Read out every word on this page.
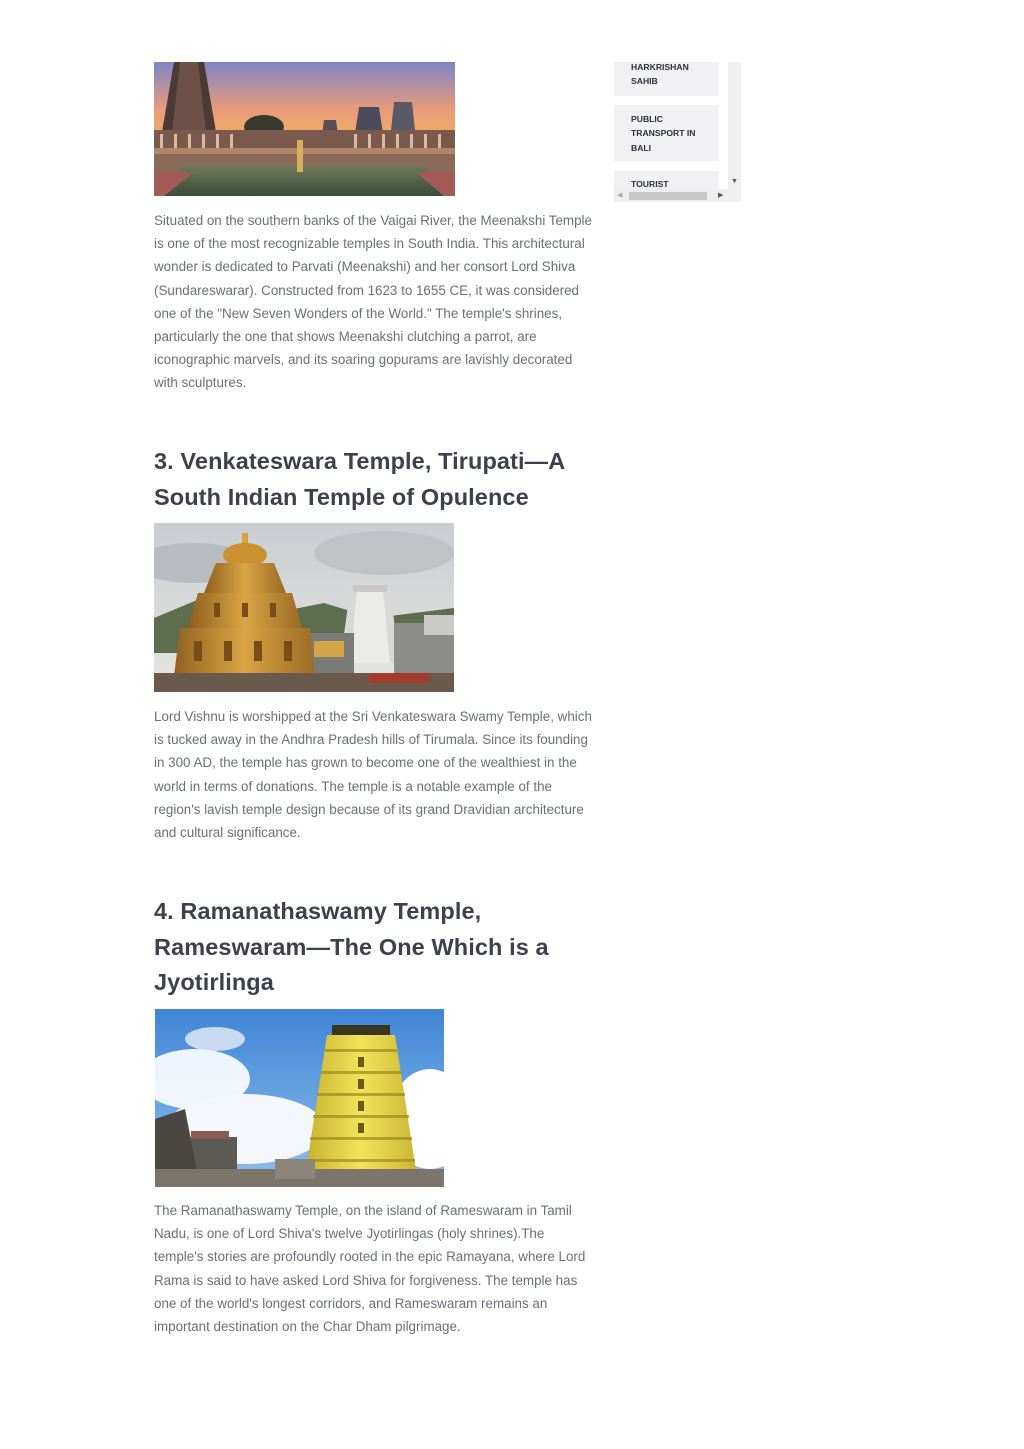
Situated on the southern banks of the Vaigai River, the Meenakshi Temple is one of the most recognizable temples in South India. This architectural wonder is dedicated to Parvati (Meenakshi) and her consort Lord Shiva (Sundareswarar). Constructed from 1623 to 1655 CE, it was considered one of the "New Seven Wonders of the World." The temple's shrines, particularly the one that shows Meenakshi clutching a parrot, are iconographic marvels, and its soaring gopurams are lavishly decorated with sculptures.

3. Venkateswara Temple, Tirupati—A South Indian Temple of Opulence

Lord Vishnu is worshipped at the Sri Venkateswara Swamy Temple, which is tucked away in the Andhra Pradesh hills of Tirumala. Since its founding in 300 AD, the temple has grown to become one of the wealthiest in the world in terms of donations. The temple is a notable example of the region's lavish temple design because of its grand Dravidian architecture and cultural significance.

4. Ramanathaswamy Temple, Rameswaram—The One Which is a Jyotirlinga

The Ramanathaswamy Temple, on the island of Rameswaram in Tamil Nadu, is one of Lord Shiva's twelve Jyotirlingas (holy shrines).The temple's stories are profoundly rooted in the epic Ramayana, where Lord Rama is said to have asked Lord Shiva for forgiveness. The temple has one of the world's longest corridors, and Rameswaram remains an important destination on the Char Dham pilgrimage.

HARKRISHAN SAHIB
PUBLIC TRANSPORT IN BALI
TOURIST	▼
◀	▶
